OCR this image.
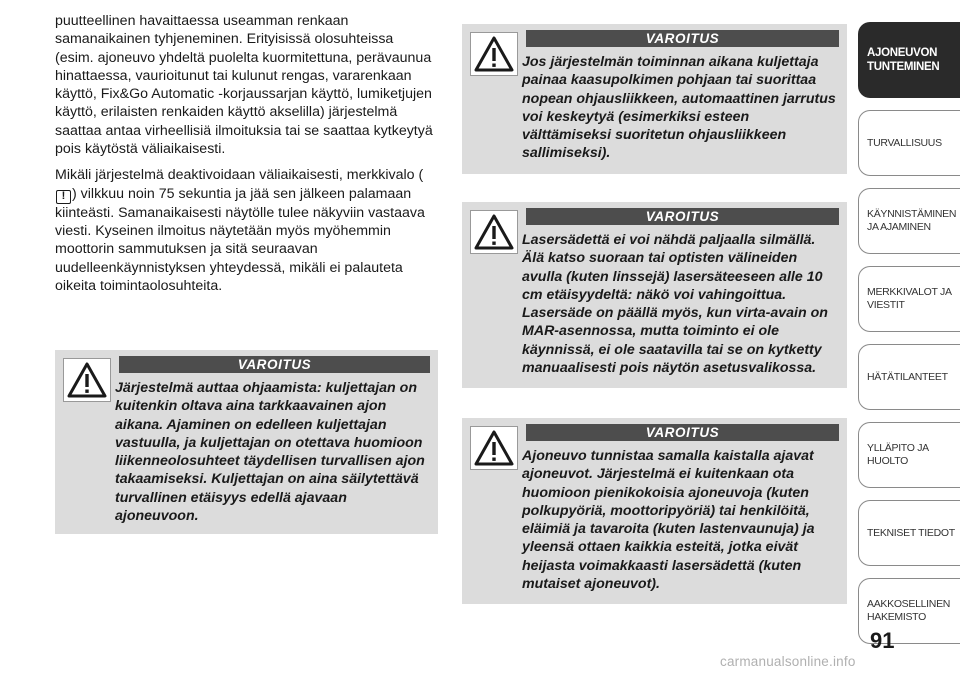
puutteellinen havaittaessa useamman renkaan samanaikainen tyhjeneminen. Erityisissä olosuhteissa (esim. ajoneuvo yhdeltä puolelta kuormitettuna, perävaunua hinattaessa, vaurioitunut tai kulunut rengas, vararenkaan käyttö, Fix&Go Automatic -korjaussarjan käyttö, lumiketjujen käyttö, erilaisten renkaiden käyttö akselilla) järjestelmä saattaa antaa virheellisiä ilmoituksia tai se saattaa kytkeytyä pois käytöstä väliaikaisesti.

Mikäli järjestelmä deaktivoidaan väliaikaisesti, merkkivalo (! ) vilkkuu noin 75 sekuntia ja jää sen jälkeen palamaan kiinteästi. Samanaikaisesti näytölle tulee näkyviin vastaava viesti. Kyseinen ilmoitus näytetään myös myöhemmin moottorin sammutuksen ja sitä seuraavan uudelleenkäynnistyksen yhteydessä, mikäli ei palauteta oikeita toimintaolosuhteita.

VAROITUS
Järjestelmä auttaa ohjaamista: kuljettajan on kuitenkin oltava aina tarkkaavainen ajon aikana. Ajaminen on edelleen kuljettajan vastuulla, ja kuljettajan on otettava huomioon liikenneolosuhteet täydellisen turvallisen ajon takaamiseksi. Kuljettajan on aina säilytettävä turvallinen etäisyys edellä ajavaan ajoneuvoon.
VAROITUS
Jos järjestelmän toiminnan aikana kuljettaja painaa kaasupolkimen pohjaan tai suorittaa nopean ohjausliikkeen, automaattinen jarrutus voi keskeytyä (esimerkiksi esteen välttämiseksi suoritetun ohjausliikkeen sallimiseksi).
VAROITUS
Lasersädettä ei voi nähdä paljaalla silmällä. Älä katso suoraan tai optisten välineiden avulla (kuten linssejä) lasersäteeseen alle 10 cm etäisyydeltä: näkö voi vahingoittua. Lasersäde on päällä myös, kun virta-avain on MAR-asennossa, mutta toiminto ei ole käynnissä, ei ole saatavilla tai se on kytketty manuaalisesti pois näytön asetusvalikossa.
VAROITUS
Ajoneuvo tunnistaa samalla kaistalla ajavat ajoneuvot. Järjestelmä ei kuitenkaan ota huomioon pienikokoisia ajoneuvoja (kuten polkupyöriä, moottoripyöriä) tai henkilöitä, eläimiä ja tavaroita (kuten lastenvaunuja) ja yleensä ottaen kaikkia esteitä, jotka eivät heijasta voimakkaasti lasersädettä (kuten mutaiset ajoneuvot).
AJONEUVON
TUNTEMINEN
TURVALLISUUS
KÄYNNISTÄMINEN
JA AJAMINEN
MERKKIVALOT JA
VIESTIT
HÄTÄTILANTEET
YLLÄPITO JA HUOLTO
TEKNISET TIEDOT
AAKKOSELLINEN
HAKEMISTO
91
carmanualsonline.info
